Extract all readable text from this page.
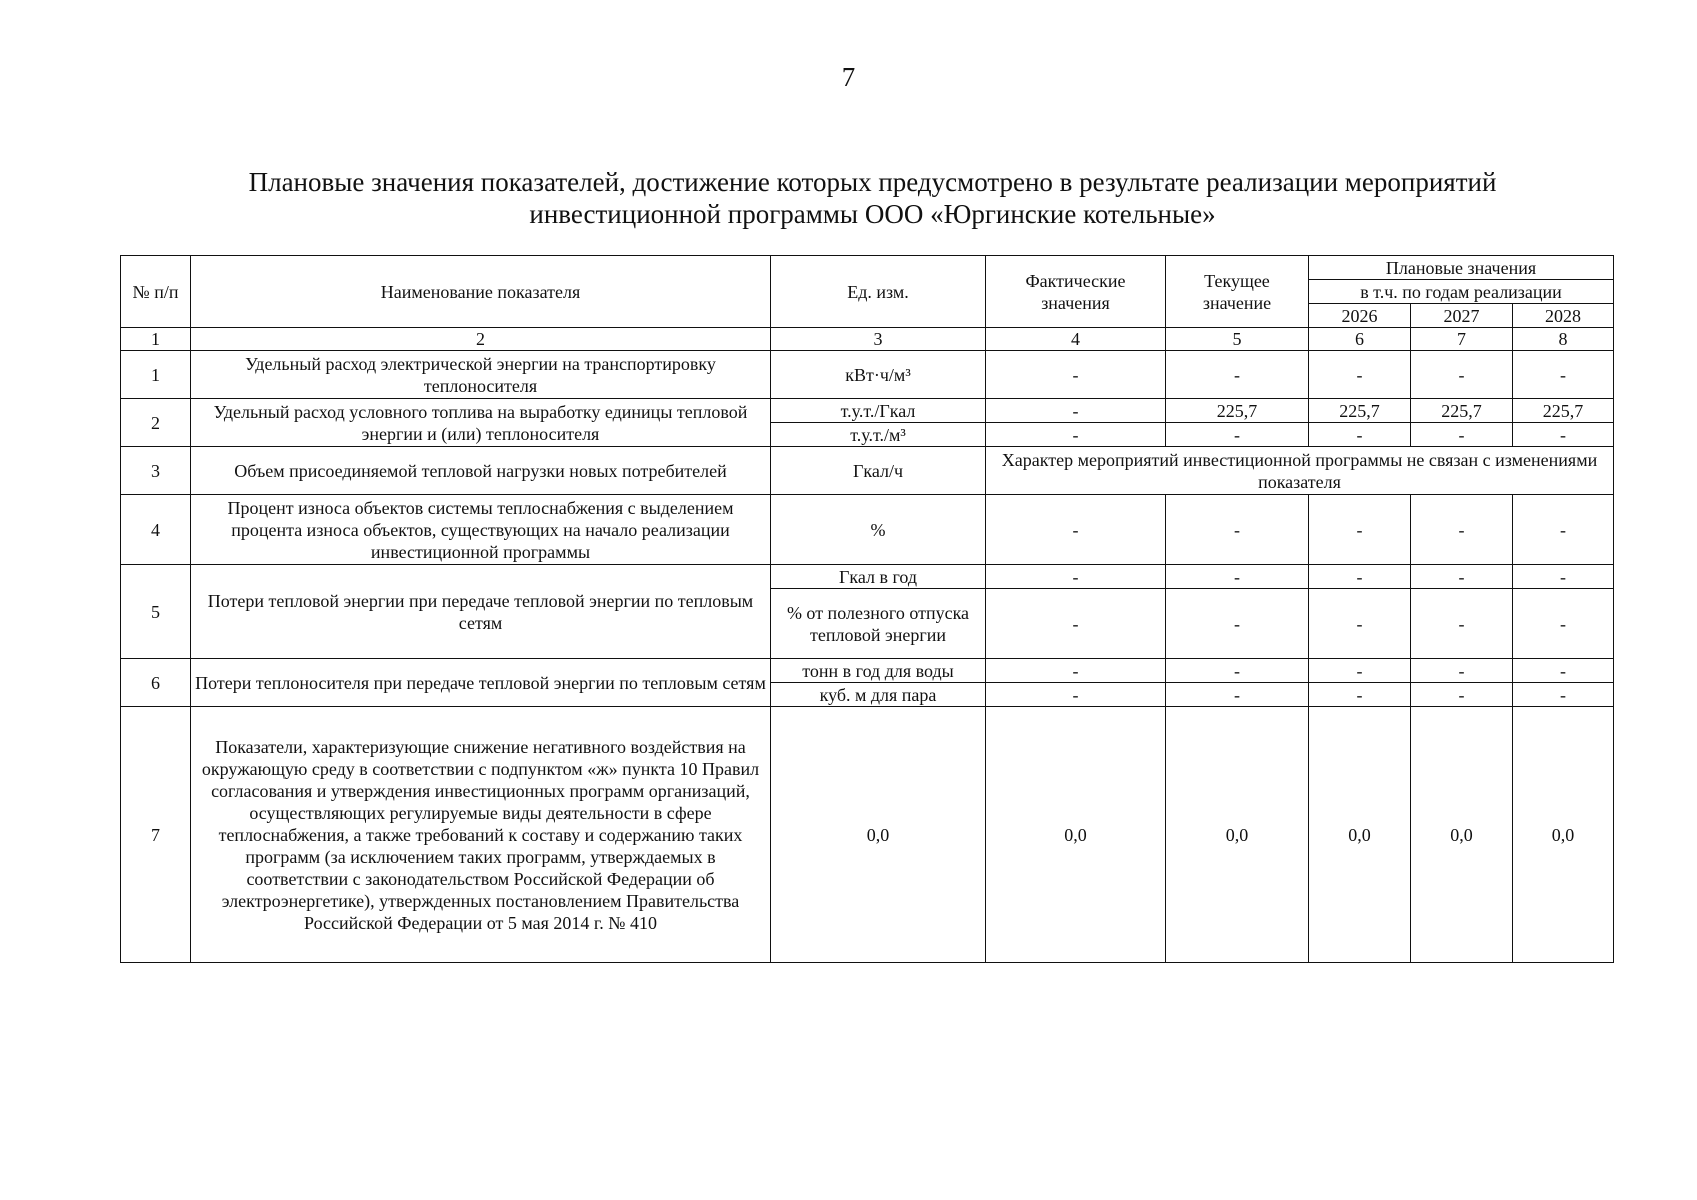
7
Плановые значения показателей, достижение которых предусмотрено в результате реализации мероприятий
инвестиционной программы ООО «Юргинские котельные»
№ п/п	Наименование показателя	Ед. изм.	Фактические значения	Текущее значение	Плановые значения		
					в т.ч. по годам реализации		
					2026	2027	2028
1	2	3	4	5	6	7	8
1	Удельный расход электрической энергии на транспортировку теплоносителя	кВт·ч/м³	-	-	-	-	-
2	Удельный расход условного топлива на выработку единицы тепловой энергии и (или) теплоносителя	т.у.т./Гкал	-	225,7	225,7	225,7	225,7
		т.у.т./м³	-	-	-	-	-
3	Объем присоединяемой тепловой нагрузки новых потребителей	Гкал/ч	Характер мероприятий инвестиционной программы не связан с изменениями показателя				
4	Процент износа объектов системы теплоснабжения с выделением процента износа объектов, существующих на начало реализации инвестиционной программы	%	-	-	-	-	-
5	Потери тепловой энергии при передаче тепловой энергии по тепловым сетям	Гкал в год	-	-	-	-	-
		% от полезного отпуска тепловой энергии	-	-	-	-	-
6	Потери теплоносителя при передаче тепловой энергии по тепловым сетям	тонн в год для воды	-	-	-	-	-
		куб. м для пара	-	-	-	-	-
7	Показатели, характеризующие снижение негативного воздействия на окружающую среду в соответствии с подпунктом «ж» пункта 10 Правил согласования и утверждения инвестиционных программ организаций, осуществляющих регулируемые виды деятельности в сфере теплоснабжения, а также требований к составу и содержанию таких программ (за исключением таких программ, утверждаемых в соответствии с законодательством Российской Федерации об электроэнергетике), утвержденных постановлением Правительства Российской Федерации от 5 мая 2014 г. № 410	0,0	0,0	0,0	0,0	0,0	0,0
